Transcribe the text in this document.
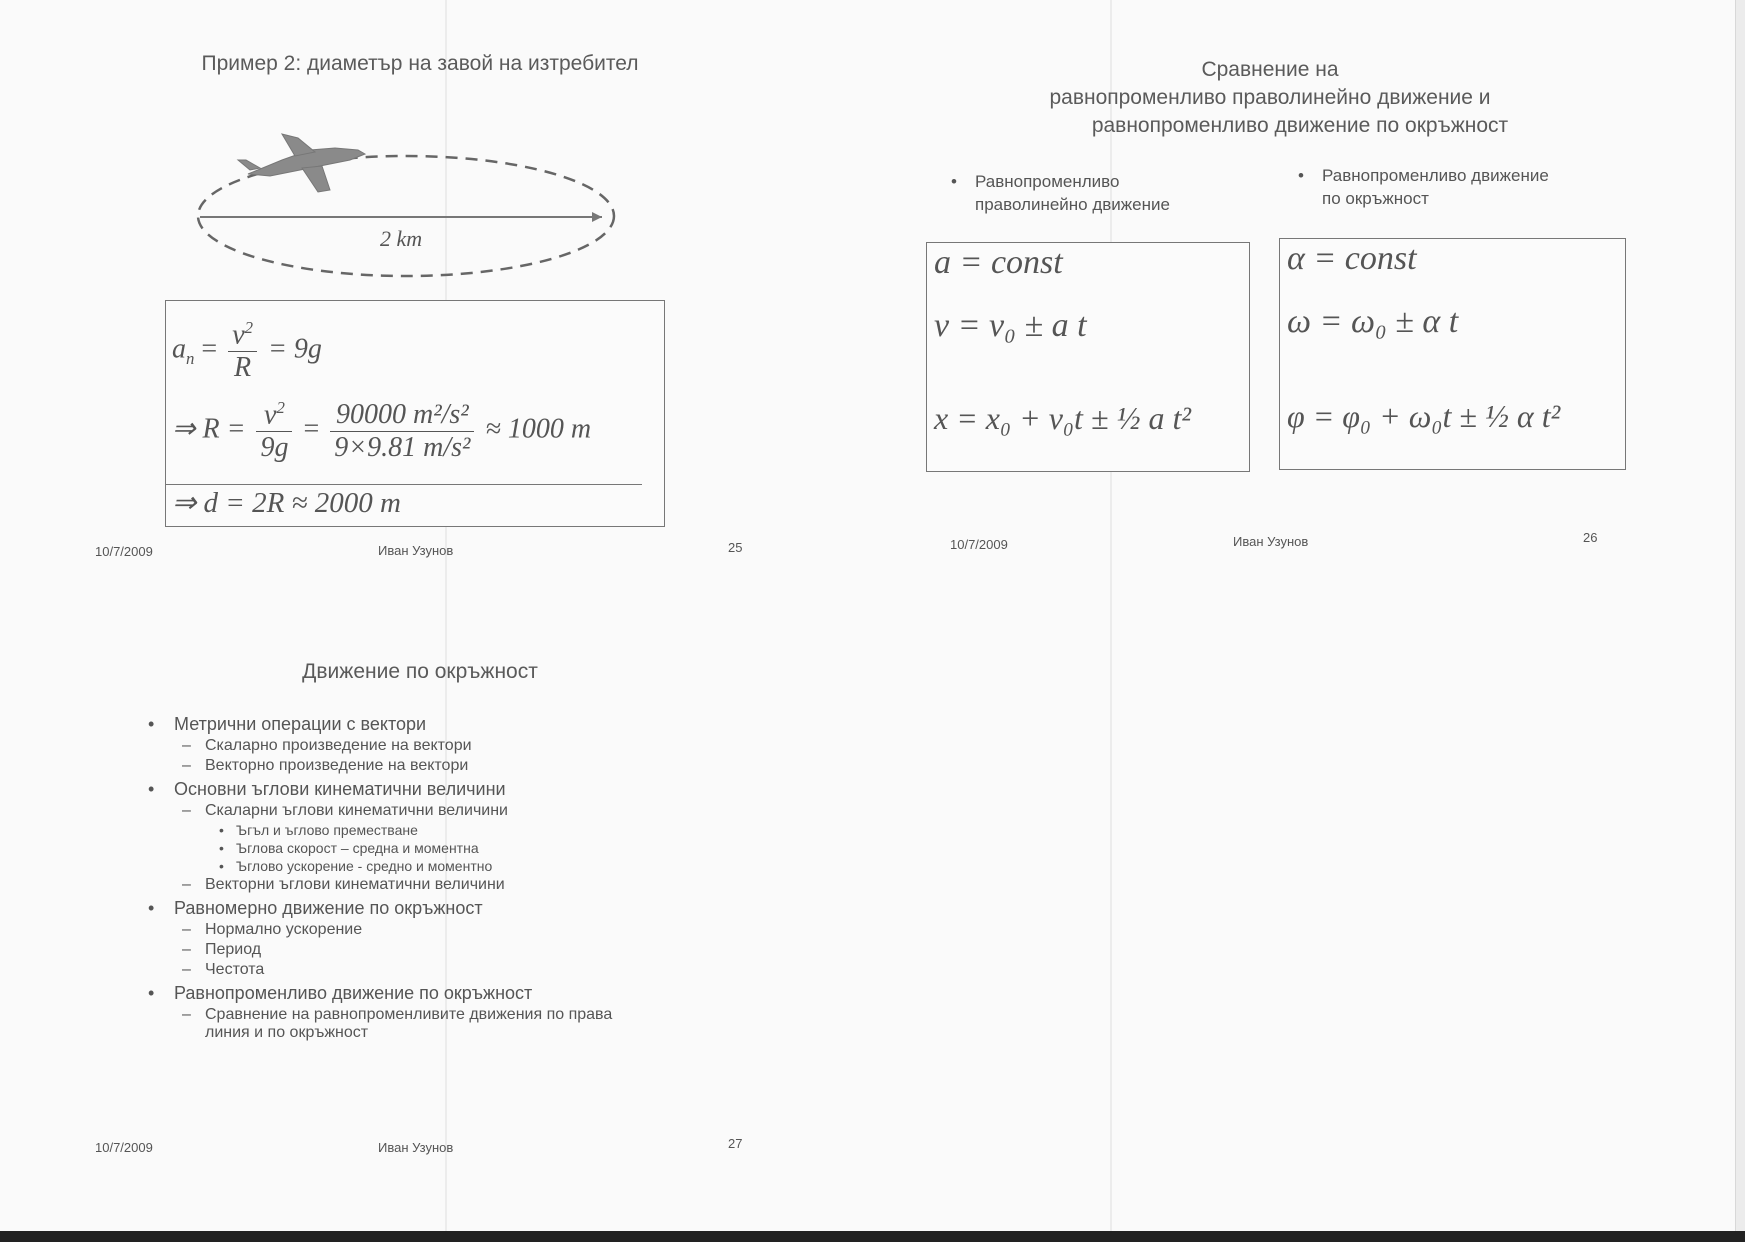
Пример 2: диаметър на завой на изтребител
2 km
$a_n = \frac{v^2}{R} = 9g$
⇒ $R = \frac{v^2}{9g} = \frac{\text{90000 m²/s²}}{\text{9×9.81 m/s²}} \approx 1000$ m
⇒ d = 2R ≈ 2000 m
10/7/2009	Иван Узунов	25
Сравнение на
равнопроменливо праволинейно движение и
равнопроменливо движение по окръжност
• Равнопроменливо
праволинейно движение
• Равнопроменливо движение
по окръжност
a = const
v = v₀ ± a t
x = x₀ + v₀t ± ½ a t²
α = const
ω = ω₀ ± α t
φ = φ₀ + ω₀t ± ½ α t²
10/7/2009	Иван Узунов	26
Движение по окръжност
• Метрични операции с вектори
– Скаларно произведение на вектори
– Векторно произведение на вектори
• Основни ъглови кинематични величини
– Скаларни ъглови кинематични величини
• Ъгъл и ъглово преместване
• Ъглова скорост – средна и моментна
• Ъглово ускорение - средно и моментно
– Векторни ъглови кинематични величини
• Равномерно движение по окръжност
– Нормално ускорение
– Период
– Честота
• Равнопроменливо движение по окръжност
– Сравнение на равнопроменливите движения по права
линия и по окръжност
10/7/2009	Иван Узунов	27
